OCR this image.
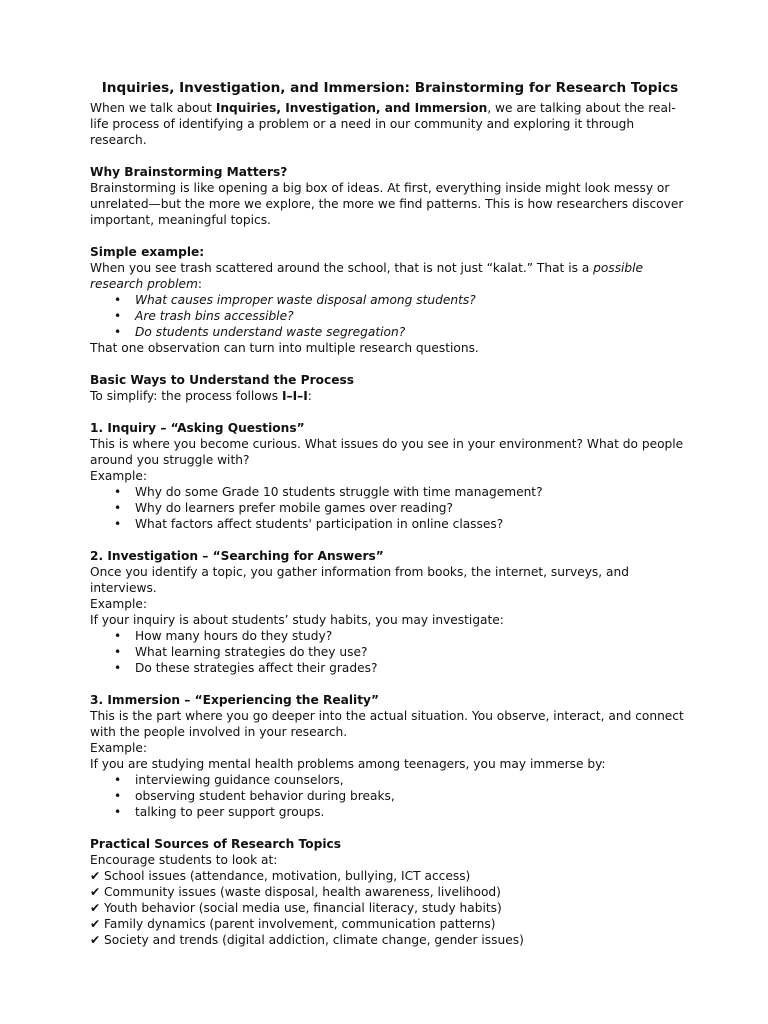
Inquiries, Investigation, and Immersion: Brainstorming for Research Topics

When we talk about Inquiries, Investigation, and Immersion, we are talking about the real-life process of identifying a problem or a need in our community and exploring it through research.

Why Brainstorming Matters?

Brainstorming is like opening a big box of ideas. At first, everything inside might look messy or unrelated—but the more we explore, the more we find patterns. This is how researchers discover important, meaningful topics.

Simple example:

When you see trash scattered around the school, that is not just “kalat.” That is a possible research problem:

• What causes improper waste disposal among students?
• Are trash bins accessible?
• Do students understand waste segregation?

That one observation can turn into multiple research questions.

Basic Ways to Understand the Process

To simplify: the process follows I–I–I:

1. Inquiry – “Asking Questions”

This is where you become curious. What issues do you see in your environment? What do people around you struggle with?

Example:

• Why do some Grade 10 students struggle with time management?
• Why do learners prefer mobile games over reading?
• What factors affect students' participation in online classes?

2. Investigation – “Searching for Answers”

Once you identify a topic, you gather information from books, the internet, surveys, and interviews.

Example:

If your inquiry is about students’ study habits, you may investigate:

• How many hours do they study?
• What learning strategies do they use?
• Do these strategies affect their grades?

3. Immersion – “Experiencing the Reality”

This is the part where you go deeper into the actual situation. You observe, interact, and connect with the people involved in your research.

Example:

If you are studying mental health problems among teenagers, you may immerse by:

• interviewing guidance counselors,
• observing student behavior during breaks,
• talking to peer support groups.

Practical Sources of Research Topics

Encourage students to look at:

✔ School issues (attendance, motivation, bullying, ICT access)

✔ Community issues (waste disposal, health awareness, livelihood)

✔ Youth behavior (social media use, financial literacy, study habits)

✔ Family dynamics (parent involvement, communication patterns)

✔ Society and trends (digital addiction, climate change, gender issues)
